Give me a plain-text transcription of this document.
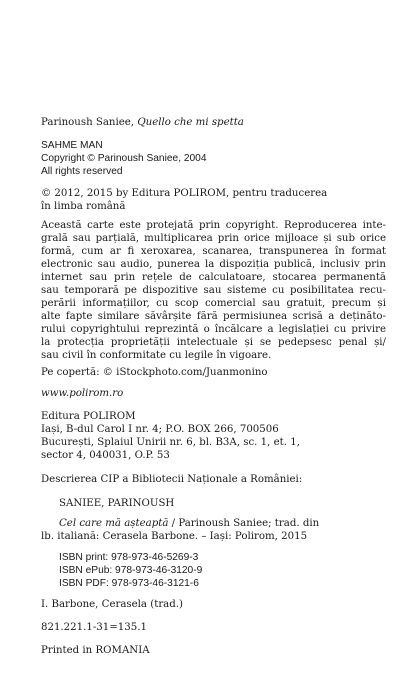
Parinoush Saniee, Quello che mi spetta
SAHME MAN
Copyright © Parinoush Saniee, 2004
All rights reserved
© 2012, 2015 by Editura POLIROM, pentru traducerea
în limba română
Această carte este protejată prin copyright. Reproducerea inte-
grală sau parțială, multiplicarea prin orice mijloace și sub orice
formă, cum ar fi xeroxarea, scanarea, transpunerea în format
electronic sau audio, punerea la dispoziția publică, inclusiv prin
internet sau prin rețele de calculatoare, stocarea permanentă
sau temporară pe dispozitive sau sisteme cu posibilitatea recu-
perării informațiilor, cu scop comercial sau gratuit, precum și
alte fapte similare săvârșite fără permisiunea scrisă a deținăto-
rului copyrightului reprezintă o încălcare a legislației cu privire
la protecția proprietății intelectuale și se pedepsesc penal și/
sau civil în conformitate cu legile în vigoare.
Pe copertă: © iStockphoto.com/Juanmonino
www.polirom.ro
Editura POLIROM
Iași, B-dul Carol I nr. 4; P.O. BOX 266, 700506
București, Splaiul Unirii nr. 6, bl. B3A, sc. 1, et. 1,
sector 4, 040031, O.P. 53
Descrierea CIP a Bibliotecii Naționale a României:
SANIEE, PARINOUSH
Cel care mă așteaptă / Parinoush Saniee; trad. din
lb. italiană: Cerasela Barbone. – Iași: Polirom, 2015
ISBN print: 978-973-46-5269-3
ISBN ePub: 978-973-46-3120-9
ISBN PDF: 978-973-46-3121-6
I. Barbone, Cerasela (trad.)
821.221.1-31=135.1
Printed in ROMANIA
